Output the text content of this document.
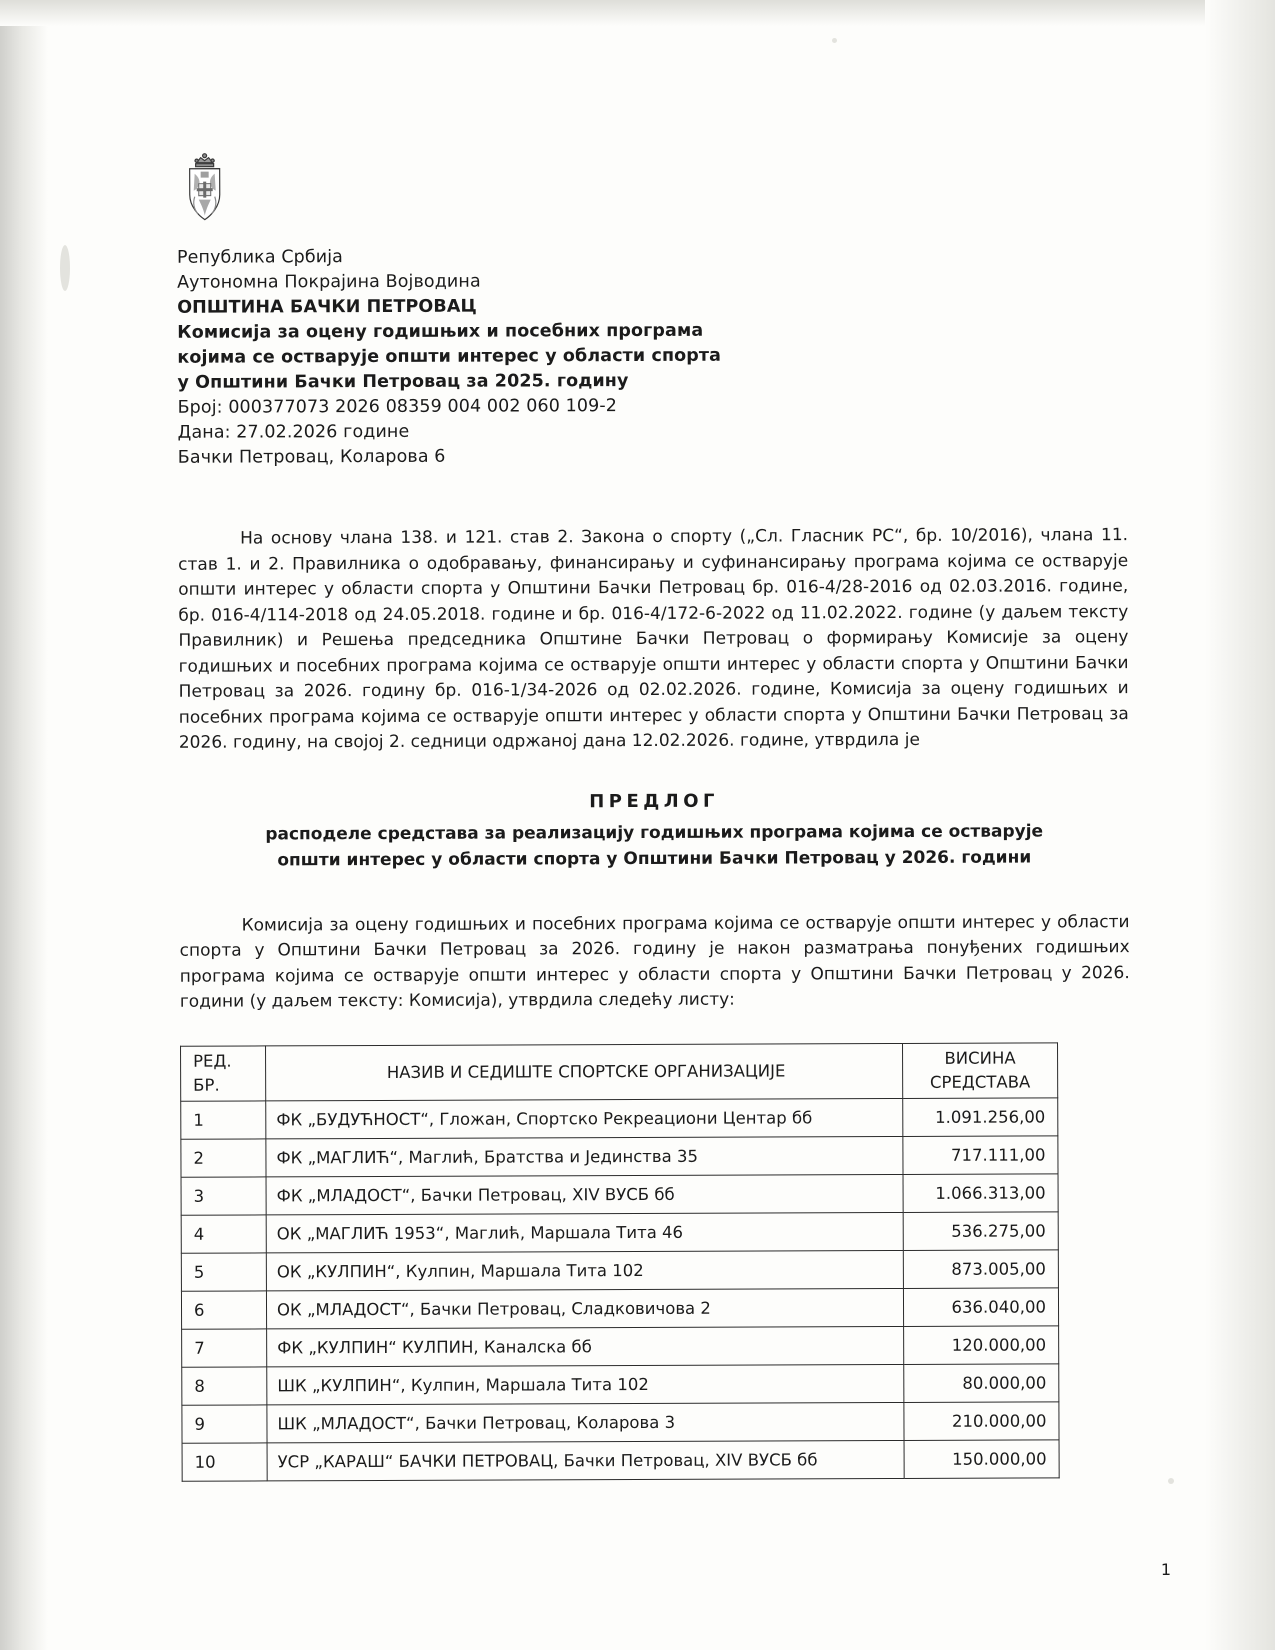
Република Србија
Аутономна Покрајина Војводина
ОПШТИНА БАЧКИ ПЕТРОВАЦ
Комисија за оцену годишњих и посебних програма
којима се остварује општи интерес у области спорта
у Општини Бачки Петровац за 2025. годину
Број: 000377073 2026 08359 004 002 060 109-2
Дана: 27.02.2026 године
Бачки Петровац, Коларова 6

На основу члана 138. и 121. став 2. Закона о спорту („Сл. Гласник РС“, бр. 10/2016), члана 11. став 1. и 2. Правилника о одобравању, финансирању и суфинансирању програма којима се остварује општи интерес у области спорта у Општини Бачки Петровац бр. 016-4/28-2016 од 02.03.2016. године, бр. 016-4/114-2018 од 24.05.2018. године и бр. 016-4/172-6-2022 од 11.02.2022. године (у даљем тексту Правилник) и Решења председника Општине Бачки Петровац о формирању Комисије за оцену годишњих и посебних програма којима се остварује општи интерес у области спорта у Општини Бачки Петровац за 2026. годину бр. 016-1/34-2026 од 02.02.2026. године, Комисија за оцену годишњих и посебних програма којима се остварује општи интерес у области спорта у Општини Бачки Петровац за 2026. годину, на својој 2. седници одржаној дана 12.02.2026. године, утврдила је

ПРЕДЛОГ
расподеле средстава за реализацију годишњих програма којима се остварује
општи интерес у области спорта у Општини Бачки Петровац у 2026. години

Комисија за оцену годишњих и посебних програма којима се остварује општи интерес у области спорта у Општини Бачки Петровац за 2026. годину је након разматрања понуђених годишњих програма којима се остварује општи интерес у области спорта у Општини Бачки Петровац у 2026. години (у даљем тексту: Комисија), утврдила следећу листу:

РЕД.
БР.
	НАЗИВ И СЕДИШТЕ СПОРТСКЕ ОРГАНИЗАЦИЈЕ	
ВИСИНА
СРЕДСТАВА

1	ФК „БУДУЋНОСТ“, Гложан, Спортско Рекреациони Центар бб	1.091.256,00
2	ФК „МАГЛИЋ“, Маглић, Братства и Јединства 35	717.111,00
3	ФК „МЛАДОСТ“, Бачки Петровац, XIV ВУСБ бб	1.066.313,00
4	ОК „МАГЛИЋ 1953“, Маглић, Маршала Тита 46	536.275,00
5	ОК „КУЛПИН“, Кулпин, Маршала Тита 102	873.005,00
6	ОК „МЛАДОСТ“, Бачки Петровац, Сладковичова 2	636.040,00
7	ФК „КУЛПИН“ КУЛПИН, Каналска бб	120.000,00
8	ШК „КУЛПИН“, Кулпин, Маршала Тита 102	80.000,00
9	ШК „МЛАДОСТ“, Бачки Петровац, Коларова 3	210.000,00
10	УСР „КАРАШ“ БАЧКИ ПЕТРОВАЦ, Бачки Петровац, XIV ВУСБ бб	150.000,00
1
